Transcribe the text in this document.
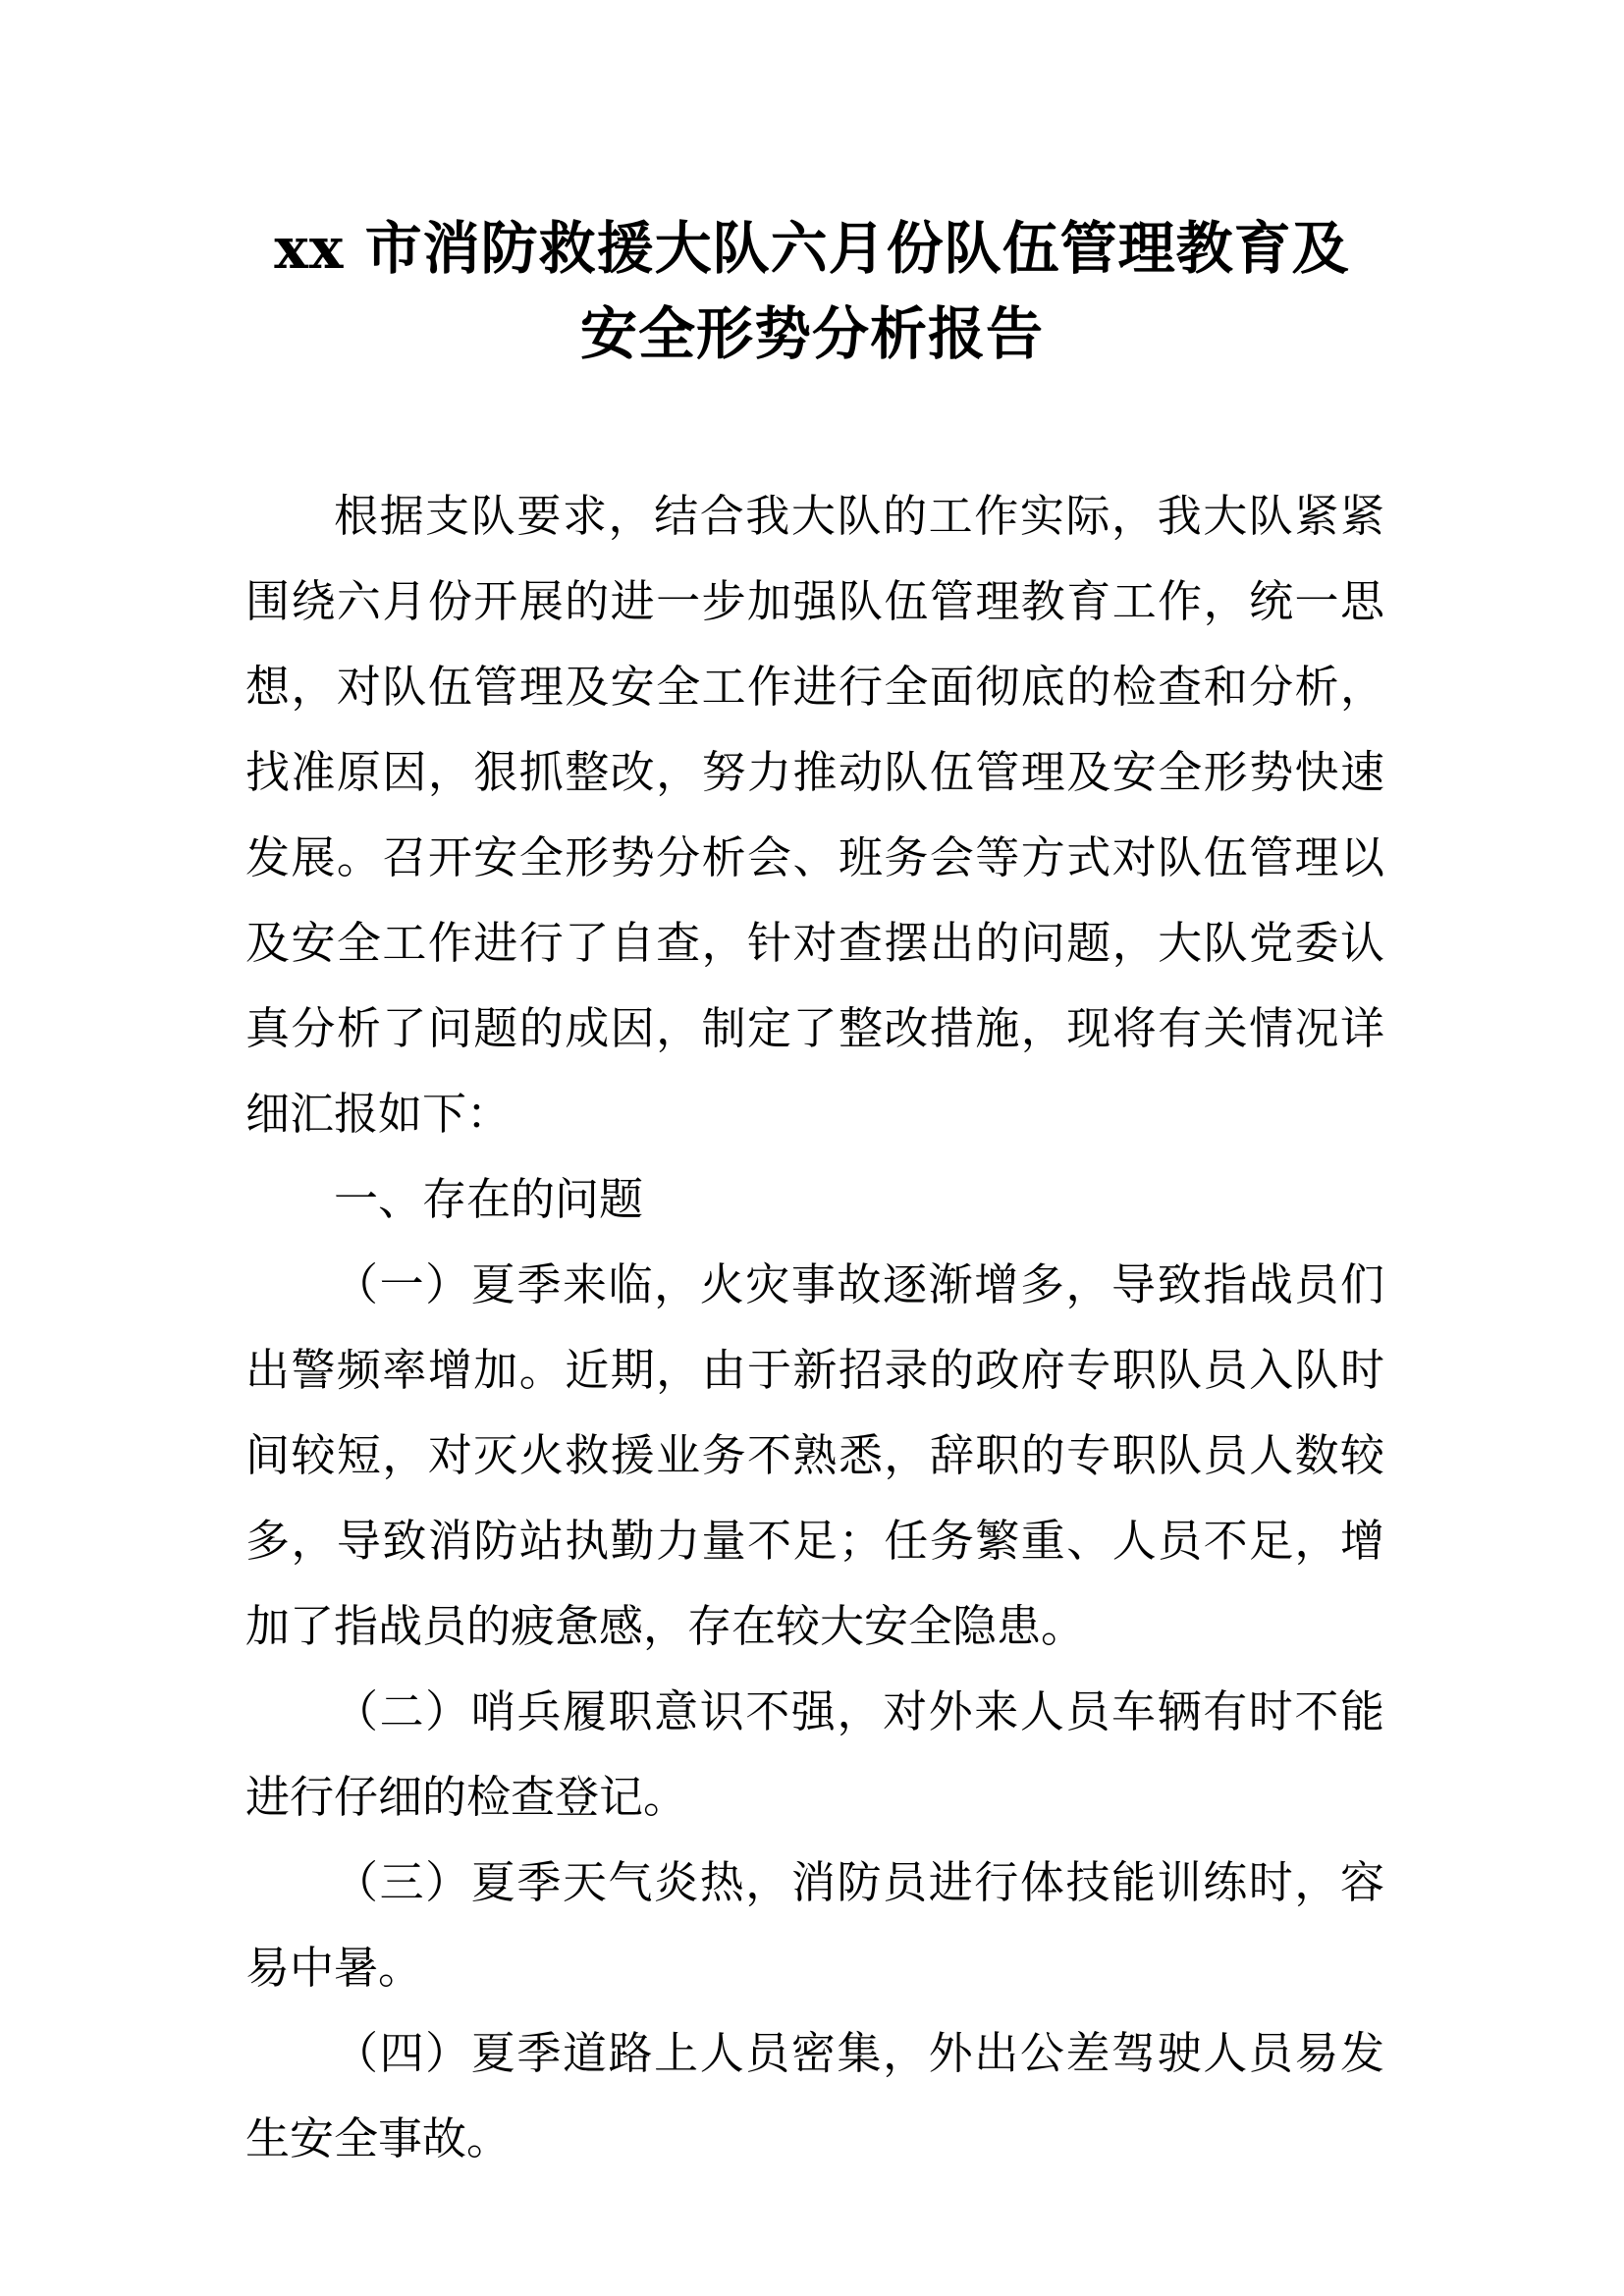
xx 市消防救援大队六月份队伍管理教育及
安全形势分析报告

根据支队要求，结合我大队的工作实际，我大队紧紧围绕六月份开展的进一步加强队伍管理教育工作，统一思想，对队伍管理及安全工作进行全面彻底的检查和分析，找准原因，狠抓整改，努力推动队伍管理及安全形势快速发展。召开安全形势分析会、班务会等方式对队伍管理以及安全工作进行了自查，针对查摆出的问题，大队党委认真分析了问题的成因，制定了整改措施，现将有关情况详细汇报如下：

一、存在的问题

（一）夏季来临，火灾事故逐渐增多，导致指战员们出警频率增加。近期，由于新招录的政府专职队员入队时间较短，对灭火救援业务不熟悉，辞职的专职队员人数较多，导致消防站执勤力量不足；任务繁重、人员不足，增加了指战员的疲惫感，存在较大安全隐患。

（二）哨兵履职意识不强，对外来人员车辆有时不能进行仔细的检查登记。

（三）夏季天气炎热，消防员进行体技能训练时，容易中暑。

（四）夏季道路上人员密集，外出公差驾驶人员易发生安全事故。
